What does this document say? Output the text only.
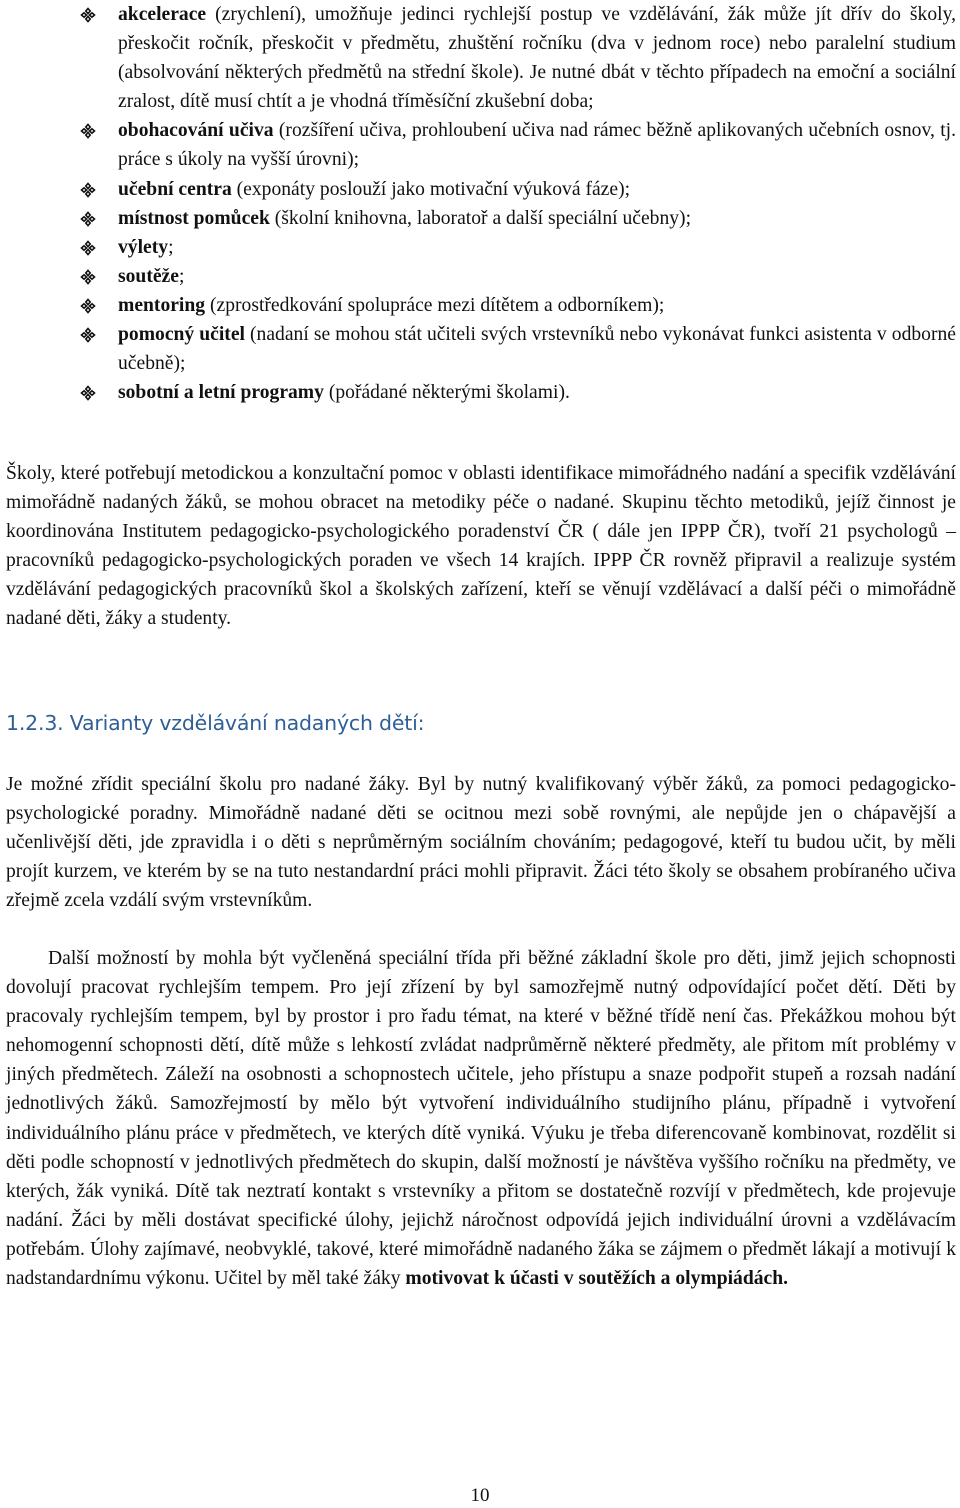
akcelerace (zrychlení), umožňuje jedinci rychlejší postup ve vzdělávání, žák může jít dřív do školy, přeskočit ročník, přeskočit v předmětu, zhuštění ročníku (dva v jednom roce) nebo paralelní studium (absolvování některých předmětů na střední škole). Je nutné dbát v těchto případech na emoční a sociální zralost, dítě musí chtít a je vhodná tříměsíční zkušební doba;
obohacování učiva (rozšíření učiva, prohloubení učiva nad rámec běžně aplikovaných učebních osnov, tj. práce s úkoly na vyšší úrovni);
učební centra (exponáty poslouží jako motivační výuková fáze);
místnost pomůcek (školní knihovna, laboratoř a další speciální učebny);
výlety;
soutěže;
mentoring (zprostředkování spolupráce mezi dítětem a odborníkem);
pomocný učitel (nadaní se mohou stát učiteli svých vrstevníků nebo vykonávat funkci asistenta v odborné učebně);
sobotní a letní programy (pořádané některými školami).

Školy, které potřebují metodickou a konzultační pomoc v oblasti identifikace mimořádného nadání a specifik vzdělávání mimořádně nadaných žáků, se mohou obracet na metodiky péče o nadané. Skupinu těchto metodiků, jejíž činnost je koordinována Institutem pedagogicko-psychologického poradenství ČR ( dále jen IPPP ČR), tvoří 21 psychologů – pracovníků pedagogicko-psychologických poraden ve všech 14 krajích. IPPP ČR rovněž připravil a realizuje systém vzdělávání pedagogických pracovníků škol a školských zařízení, kteří se věnují vzdělávací a další péči o mimořádně nadané děti, žáky a studenty.

1.2.3. Varianty vzdělávání nadaných dětí:

Je možné zřídit speciální školu pro nadané žáky. Byl by nutný kvalifikovaný výběr žáků, za pomoci pedagogicko-psychologické poradny. Mimořádně nadané děti se ocitnou mezi sobě rovnými, ale nepůjde jen o chápavější a učenlivější děti, jde zpravidla i o děti s neprůměrným sociálním chováním; pedagogové, kteří tu budou učit, by měli projít kurzem, ve kterém by se na tuto nestandardní práci mohli připravit. Žáci této školy se obsahem probíraného učiva zřejmě zcela vzdálí svým vrstevníkům.

Další možností by mohla být vyčleněná speciální třída při běžné základní škole pro děti, jimž jejich schopnosti dovolují pracovat rychlejším tempem. Pro její zřízení by byl samozřejmě nutný odpovídající počet dětí. Děti by pracovaly rychlejším tempem, byl by prostor i pro řadu témat, na které v běžné třídě není čas. Překážkou mohou být nehomogenní schopnosti dětí, dítě může s lehkostí zvládat nadprůměrně některé předměty, ale přitom mít problémy v jiných předmětech. Záleží na osobnosti a schopnostech učitele, jeho přístupu a snaze podpořit stupeň a rozsah nadání jednotlivých žáků. Samozřejmostí by mělo být vytvoření individuálního studijního plánu, případně i vytvoření individuálního plánu práce v předmětech, ve kterých dítě vyniká. Výuku je třeba diferencovaně kombinovat, rozdělit si děti podle schopností v jednotlivých předmětech do skupin, další možností je návštěva vyššího ročníku na předměty, ve kterých, žák vyniká. Dítě tak neztratí kontakt s vrstevníky a přitom se dostatečně rozvíjí v předmětech, kde projevuje nadání. Žáci by měli dostávat specifické úlohy, jejichž náročnost odpovídá jejich individuální úrovni a vzdělávacím potřebám. Úlohy zajímavé, neobvyklé, takové, které mimořádně nadaného žáka se zájmem o předmět lákají a motivují k nadstandardnímu výkonu. Učitel by měl také žáky motivovat k účasti v soutěžích a olympiádách.

10
